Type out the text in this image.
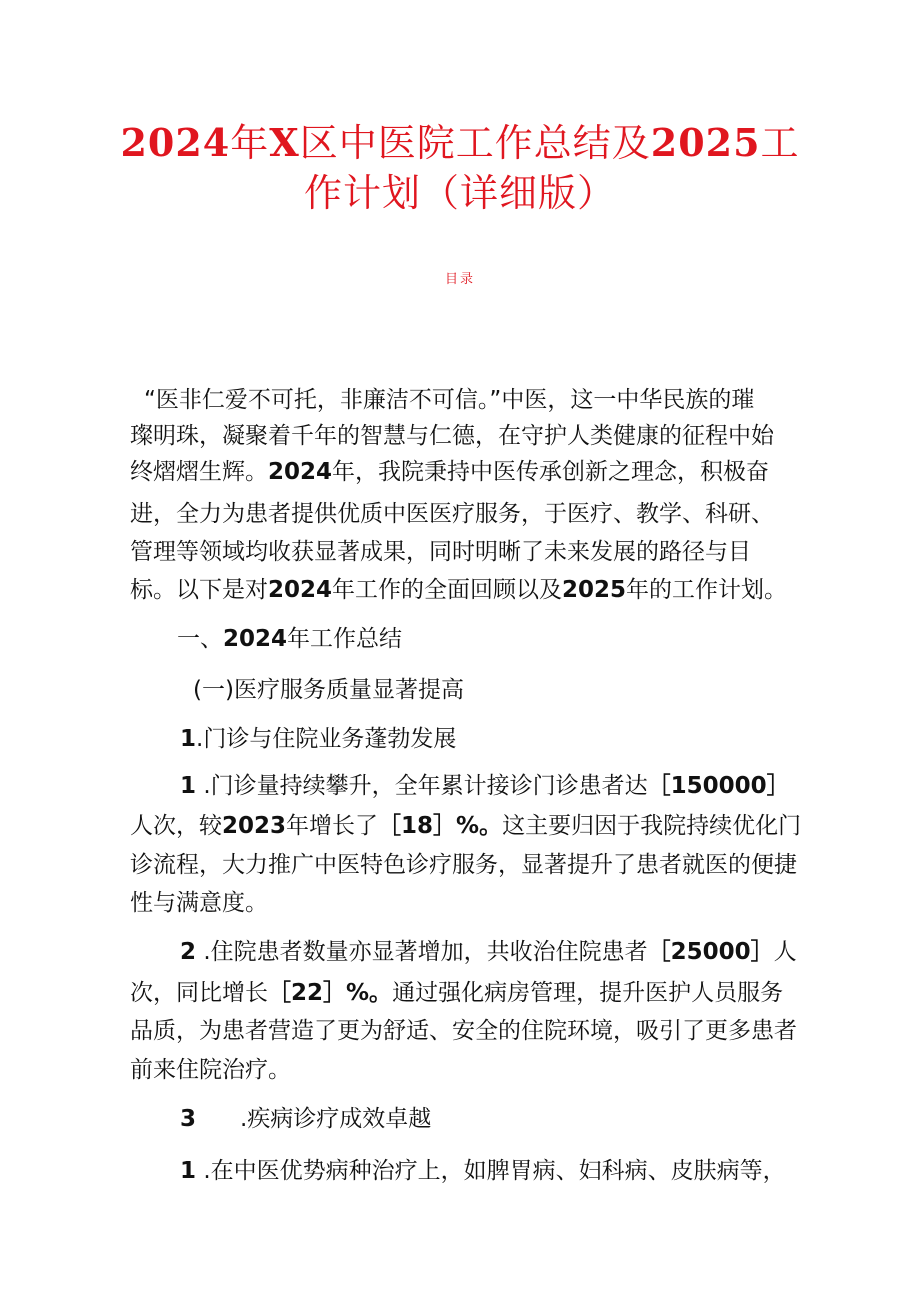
2024年X区中医院工作总结及2025工
作计划（详细版）
目录
“医非仁爱不可托，非廉洁不可信。”中医，这一中华民族的璀
璨明珠，凝聚着千年的智慧与仁德，在守护人类健康的征程中始
终熠熠生辉。2024年，我院秉持中医传承创新之理念，积极奋
进，全力为患者提供优质中医医疗服务，于医疗、教学、科研、
管理等领域均收获显著成果，同时明晰了未来发展的路径与目
标。以下是对2024年工作的全面回顾以及2025年的工作计划。
一、2024年工作总结
(一)医疗服务质量显著提高
1.门诊与住院业务蓬勃发展
1 .门诊量持续攀升，全年累计接诊门诊患者达［150000］
人次，较2023年增长了［18］%。这主要归因于我院持续优化门
诊流程，大力推广中医特色诊疗服务，显著提升了患者就医的便捷
性与满意度。
2 .住院患者数量亦显著增加，共收治住院患者［25000］人
次，同比增长［22］%。通过强化病房管理，提升医护人员服务
品质，为患者营造了更为舒适、安全的住院环境，吸引了更多患者
前来住院治疗。
3 .疾病诊疗成效卓越
1 .在中医优势病种治疗上，如脾胃病、妇科病、皮肤病等，
